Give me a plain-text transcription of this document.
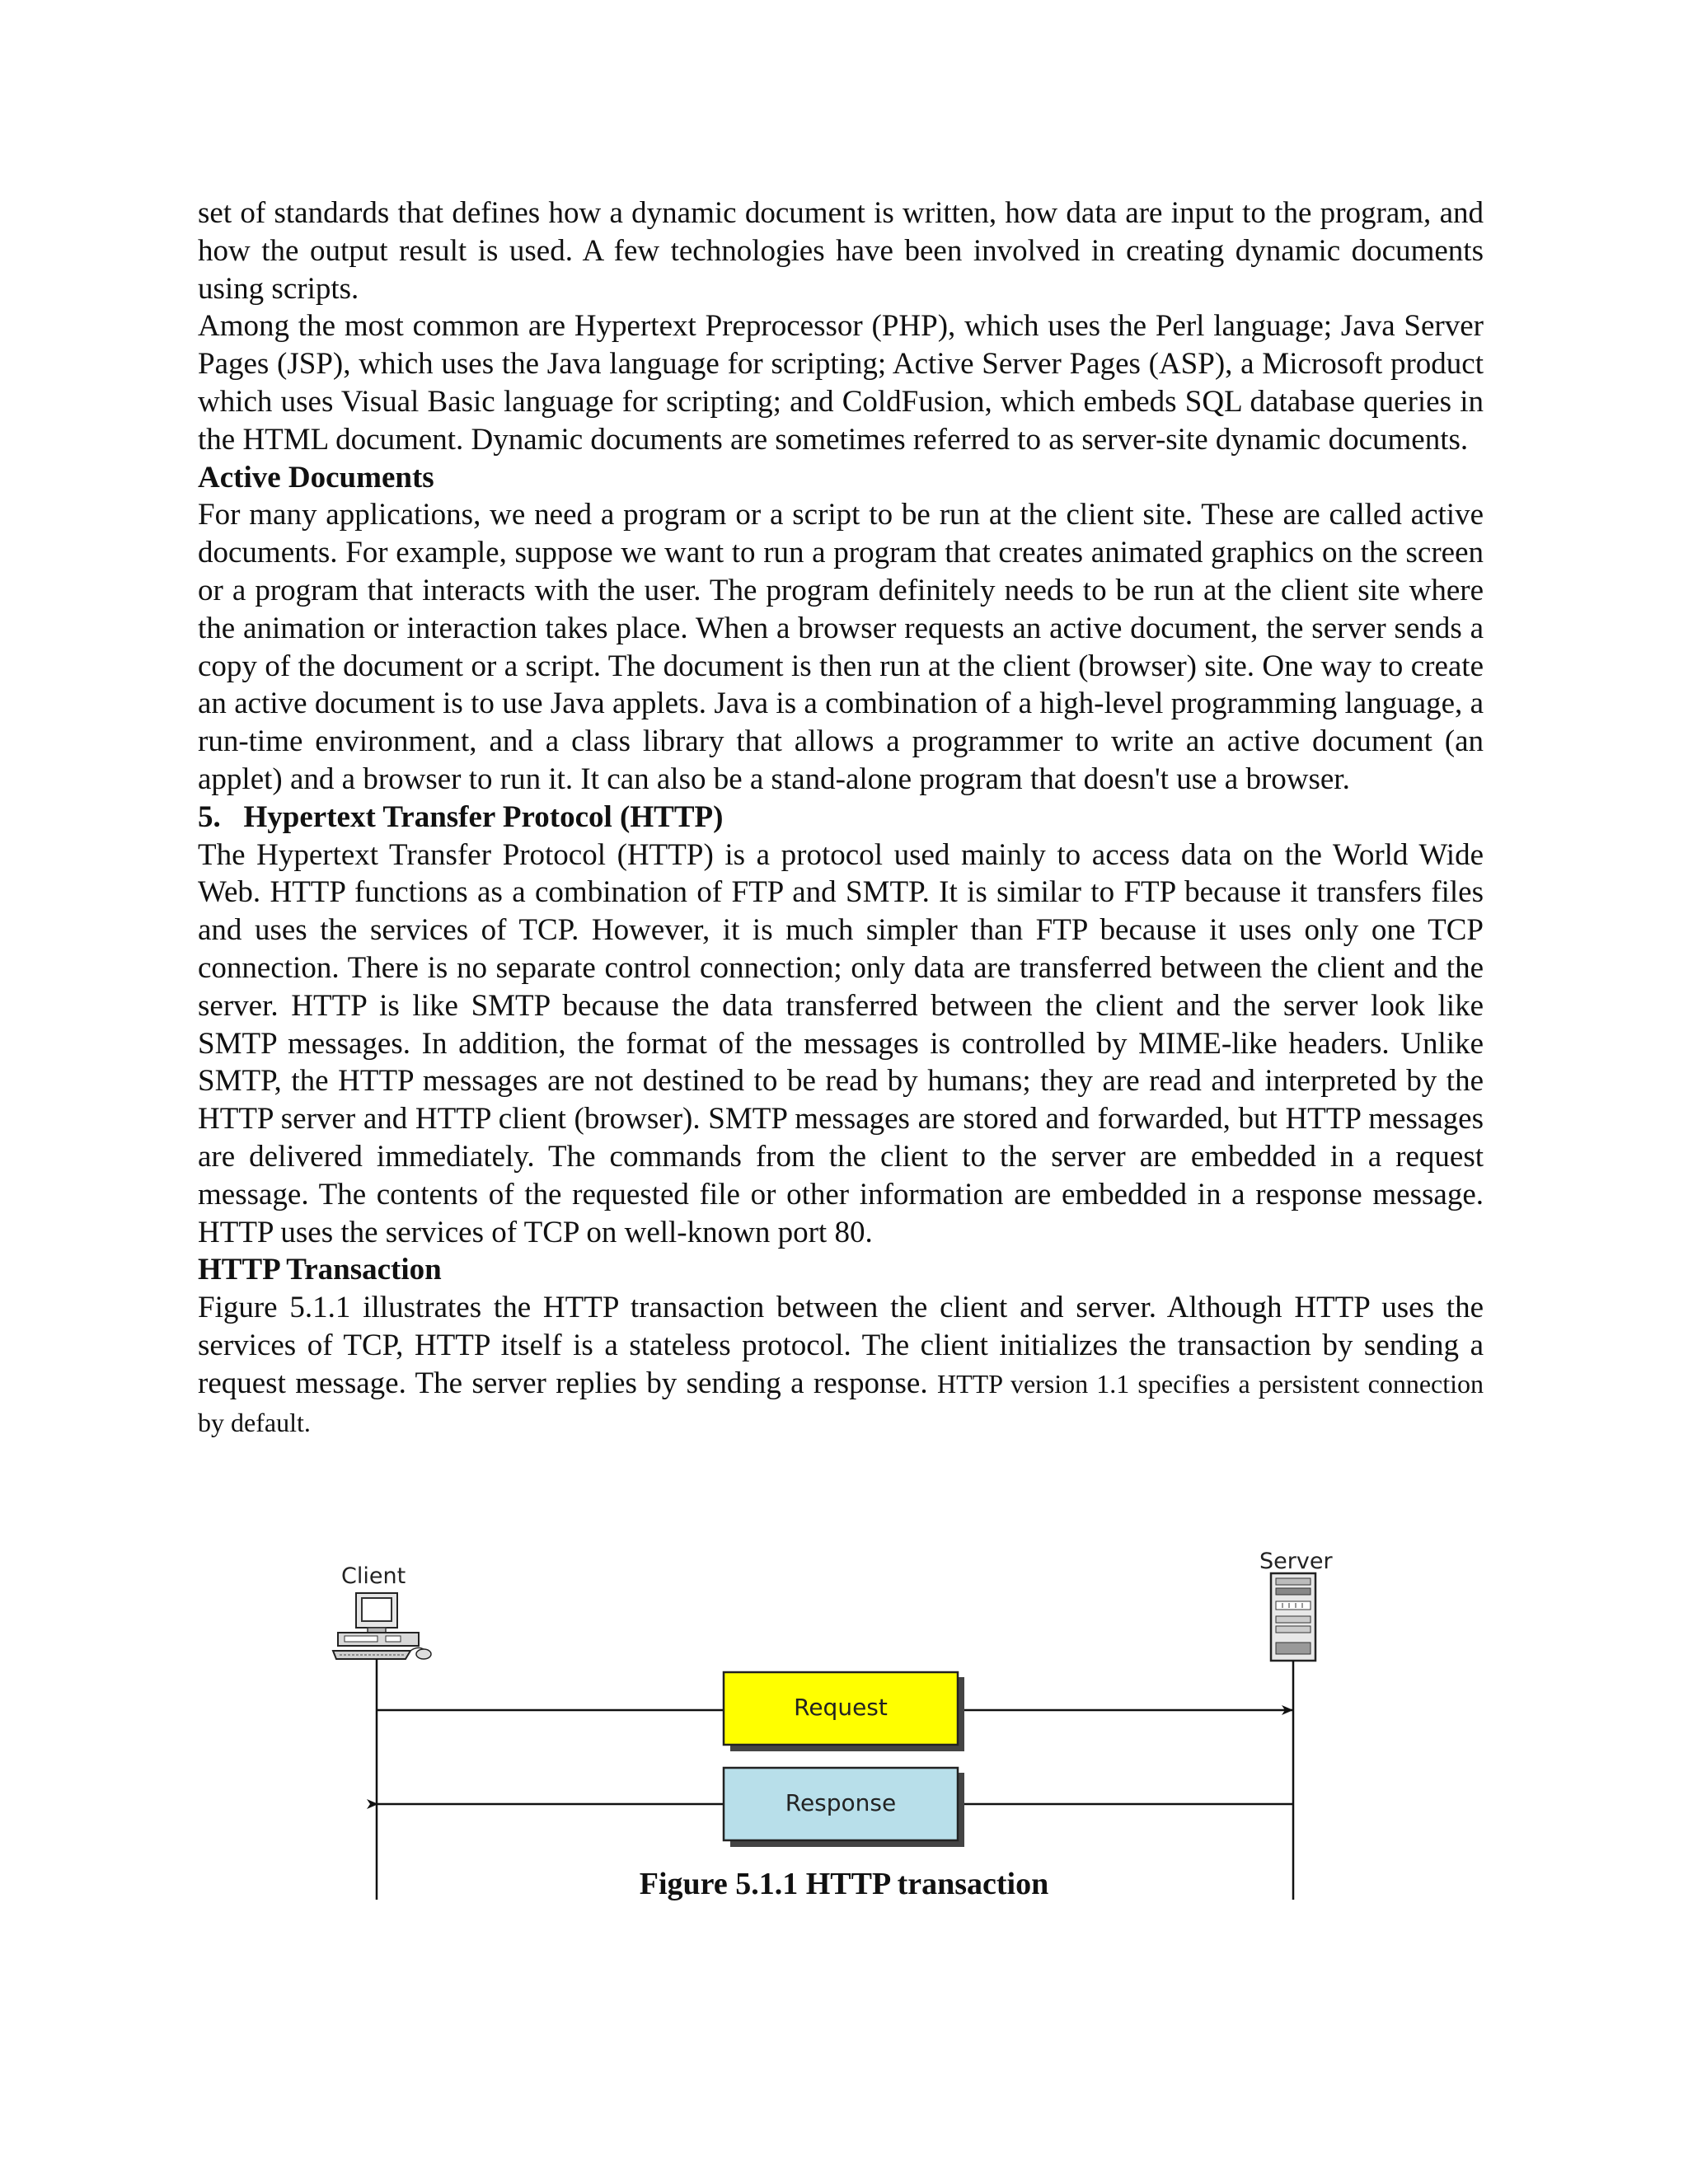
set of standards that defines how a dynamic document is written, how data are input to the program, and how the output result is used. A few technologies have been involved in creating dynamic documents using scripts.

Among the most common are Hypertext Preprocessor (PHP), which uses the Perl language; Java Server Pages (JSP), which uses the Java language for scripting; Active Server Pages (ASP), a Microsoft product which uses Visual Basic language for scripting; and ColdFusion, which embeds SQL database queries in the HTML document. Dynamic documents are sometimes referred to as server-site dynamic documents.

Active Documents

For many applications, we need a program or a script to be run at the client site. These are called active documents. For example, suppose we want to run a program that creates animated graphics on the screen or a program that interacts with the user. The program definitely needs to be run at the client site where the animation or interaction takes place. When a browser requests an active document, the server sends a copy of the document or a script. The document is then run at the client (browser) site. One way to create an active document is to use Java applets. Java is a combination of a high-level programming language, a run-time environment, and a class library that allows a programmer to write an active document (an applet) and a browser to run it. It can also be a stand-alone program that doesn't use a browser.

5.   Hypertext Transfer Protocol (HTTP)

The Hypertext Transfer Protocol (HTTP) is a protocol used mainly to access data on the World Wide Web. HTTP functions as a combination of FTP and SMTP. It is similar to FTP because it transfers files and uses the services of TCP. However, it is much simpler than FTP because it uses only one TCP connection. There is no separate control connection; only data are transferred between the client and the server. HTTP is like SMTP because the data transferred between the client and the server look like SMTP messages. In addition, the format of the messages is controlled by MIME-like headers. Unlike SMTP, the HTTP messages are not destined to be read by humans; they are read and interpreted by the HTTP server and HTTP client (browser). SMTP messages are stored and forwarded, but HTTP messages are delivered immediately. The commands from the client to the server are embedded in a request message. The contents of the requested file or other information are embedded in a response message. HTTP uses the services of TCP on well-known port 80.

HTTP Transaction

Figure 5.1.1 illustrates the HTTP transaction between the client and server. Although HTTP uses the services of TCP, HTTP itself is a stateless protocol. The client initializes the transaction by sending a request message. The server replies by sending a response. HTTP version 1.1 specifies a persistent connection by default.

Client
Server
Request
Response
Figure 5.1.1 HTTP transaction
